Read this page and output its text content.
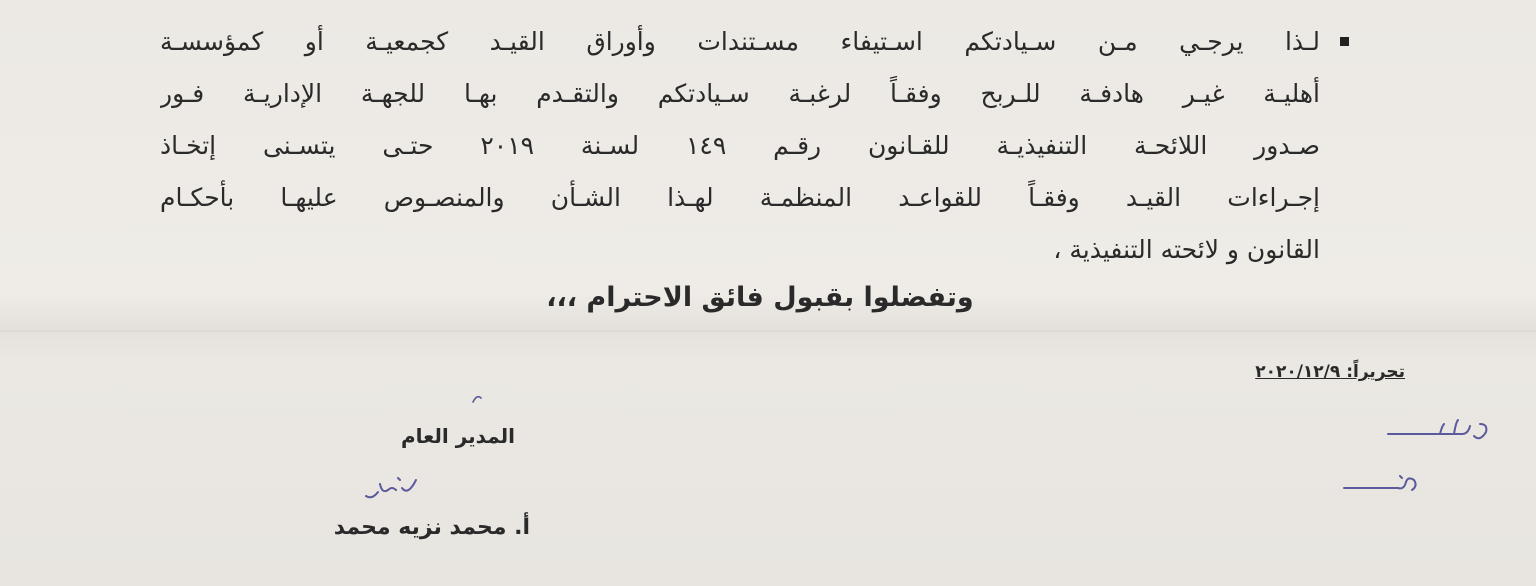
لـذا يرجـي مـن سـيادتكم اسـتيفاء مسـتندات وأوراق القيـد كجمعيـة أو كمؤسسـة
أهليـة غيـر هادفـة للـربح وفقـاً لرغبـة سـيادتكم والتقـدم بهـا للجهـة الإداريـة فـور
صـدور اللائحـة التنفيذيـة للقـانون رقـم ١٤٩ لسـنة ٢٠١٩ حتـى يتسـنى إتخـاذ
إجـراءات القيـد وفقـاً للقواعـد المنظمـة لهـذا الشـأن والمنصـوص عليهـا بأحكـام
القانون و لائحته التنفيذية ،
وتفضلوا بقبول فائق الاحترام ،،،
تحريراً: ٢٠٢٠/١٢/٩
المدير العام
أ. محمد نزيه محمد
